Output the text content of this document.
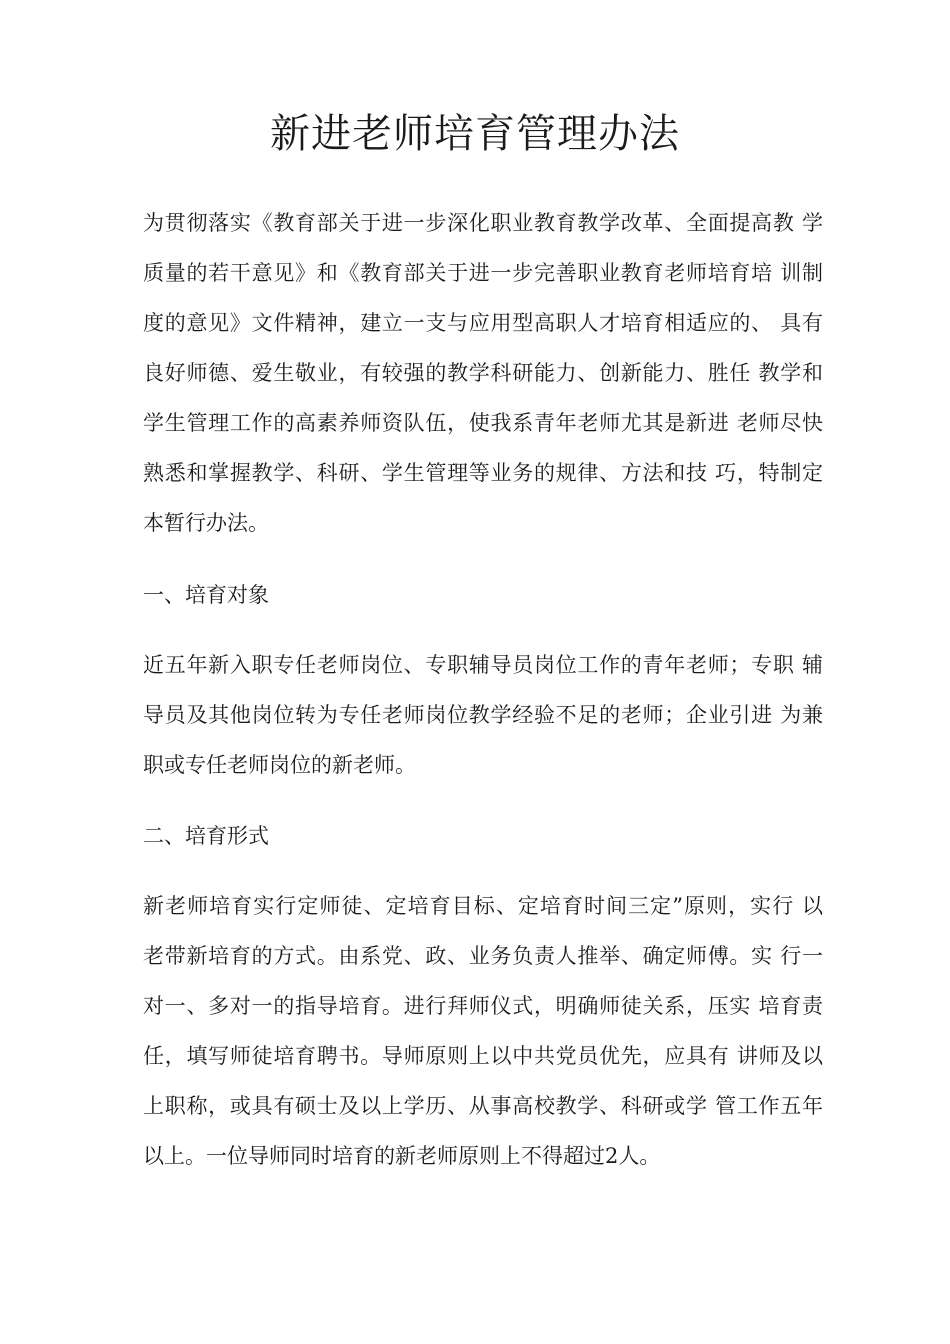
新进老师培育管理办法
为贯彻落实《教育部关于进一步深化职业教育教学改革、全面提高教 学
质量的若干意见》和《教育部关于进一步完善职业教育老师培育培 训制
度的意见》文件精神，建立一支与应用型高职人才培育相适应的、 具有
良好师德、爱生敬业，有较强的教学科研能力、创新能力、胜任 教学和
学生管理工作的高素养师资队伍，使我系青年老师尤其是新进 老师尽快
熟悉和掌握教学、科研、学生管理等业务的规律、方法和技 巧，特制定
本暂行办法。
一、培育对象
近五年新入职专任老师岗位、专职辅导员岗位工作的青年老师；专职 辅
导员及其他岗位转为专任老师岗位教学经验不足的老师；企业引进 为兼
职或专任老师岗位的新老师。
二、培育形式
新老师培育实行定师徒、定培育目标、定培育时间三定”原则，实行 以
老带新培育的方式。由系党、政、业务负责人推举、确定师傅。实 行一
对一、多对一的指导培育。进行拜师仪式，明确师徒关系，压实 培育责
任，填写师徒培育聘书。导师原则上以中共党员优先，应具有 讲师及以
上职称，或具有硕士及以上学历、从事高校教学、科研或学 管工作五年
以上。一位导师同时培育的新老师原则上不得超过2人。
